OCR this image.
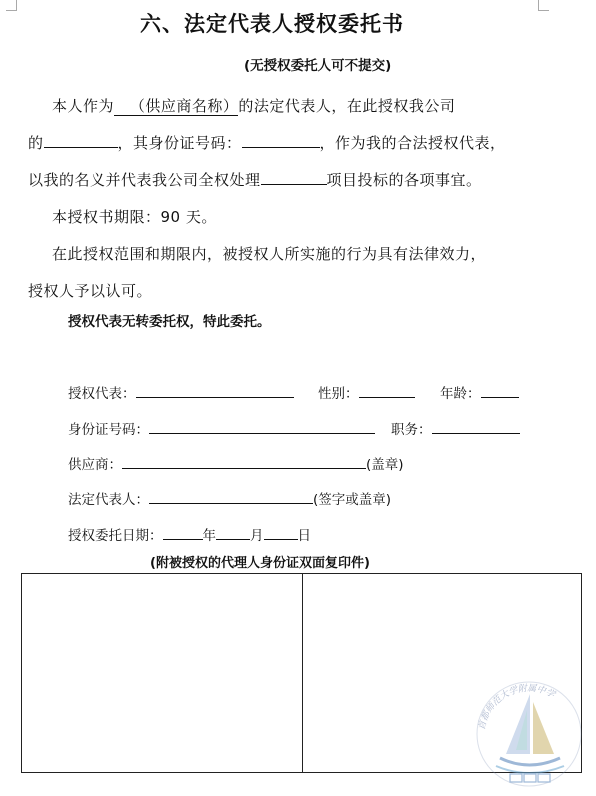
六、法定代表人授权委托书
(无授权委托人可不提交)
本人作为 （供应商名称）的法定代表人，在此授权我公司
的	，其身份证号码：	，作为我的合法授权代表，
以我的名义并代表我公司全权处理	项目投标的各项事宜。
本授权书期限：90 天。
在此授权范围和期限内，被授权人所实施的行为具有法律效力，
授权人予以认可。
授权代表无转委托权，特此委托。
授权代表：	性别：	年龄：
身份证号码：	职务：
供应商：	(盖章)
法定代表人：	(签字或盖章)
授权委托日期：	年	月	日
(附被授权的代理人身份证双面复印件)
首都师范大学附属中学
